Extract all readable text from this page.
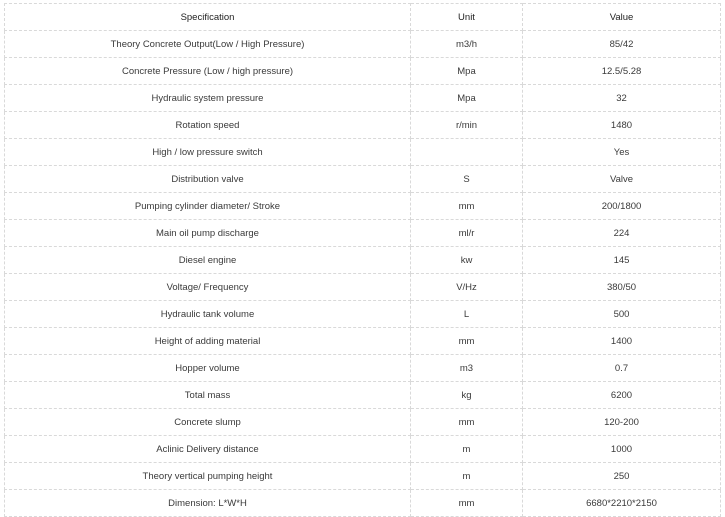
Specification	Unit	Value
Theory Concrete Output(Low / High Pressure)	m3/h	85/42
Concrete Pressure (Low / high pressure)	Mpa	12.5/5.28
Hydraulic system pressure	Mpa	32
Rotation speed	r/min	1480
High / low pressure switch		Yes
Distribution valve	S	Valve
Pumping cylinder diameter/ Stroke	mm	200/1800
Main oil pump discharge	ml/r	224
Diesel engine	kw	145
Voltage/ Frequency	V/Hz	380/50
Hydraulic tank volume	L	500
Height of adding material	mm	1400
Hopper volume	m3	0.7
Total mass	kg	6200
Concrete slump	mm	120-200
Aclinic Delivery distance	m	1000
Theory vertical pumping height	m	250
Dimension: L*W*H	mm	6680*2210*2150
